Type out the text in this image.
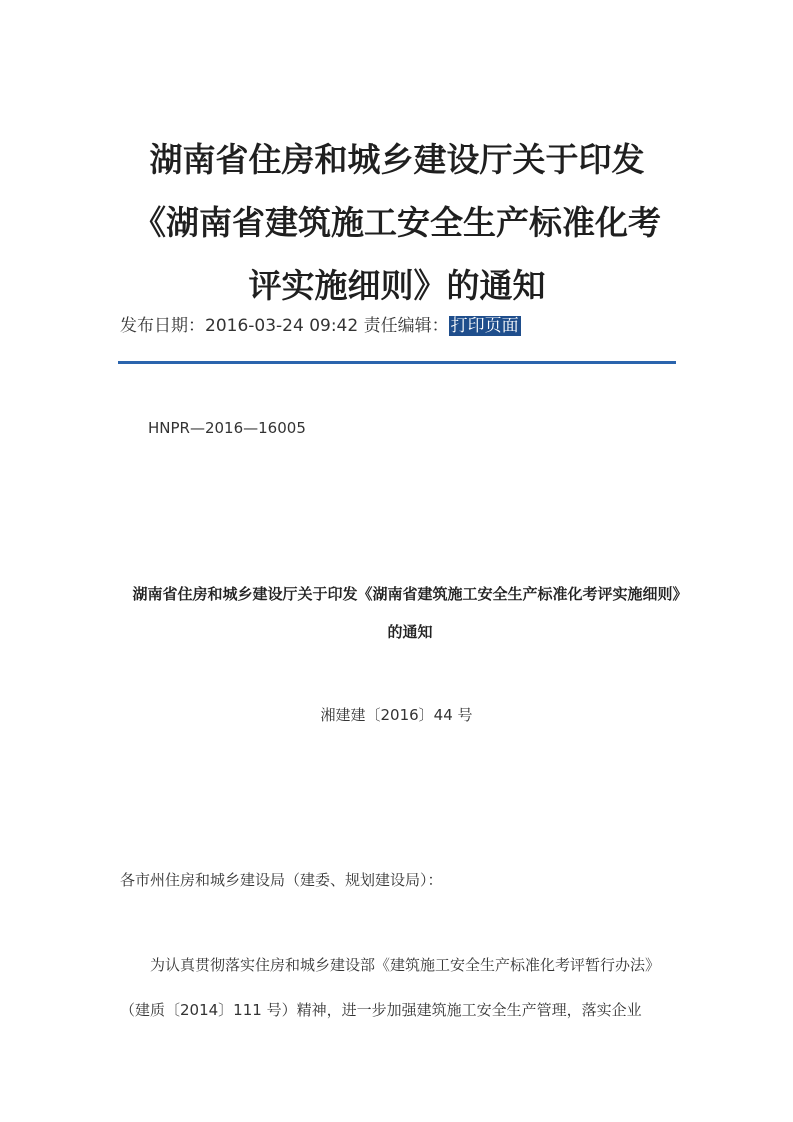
湖南省住房和城乡建设厅关于印发《湖南省建筑施工安全生产标准化考评实施细则》的通知
发布日期：2016-03-24 09:42 责任编辑： 打印页面
HNPR—2016—16005
湖南省住房和城乡建设厅关于印发《湖南省建筑施工安全生产标准化考评实施细则》的通知
湘建建〔2016〕44 号
各市州住房和城乡建设局（建委、规划建设局）：

为认真贯彻落实住房和城乡建设部《建筑施工安全生产标准化考评暂行办法》（建质〔2014〕111 号）精神，进一步加强建筑施工安全生产管理，落实企业
